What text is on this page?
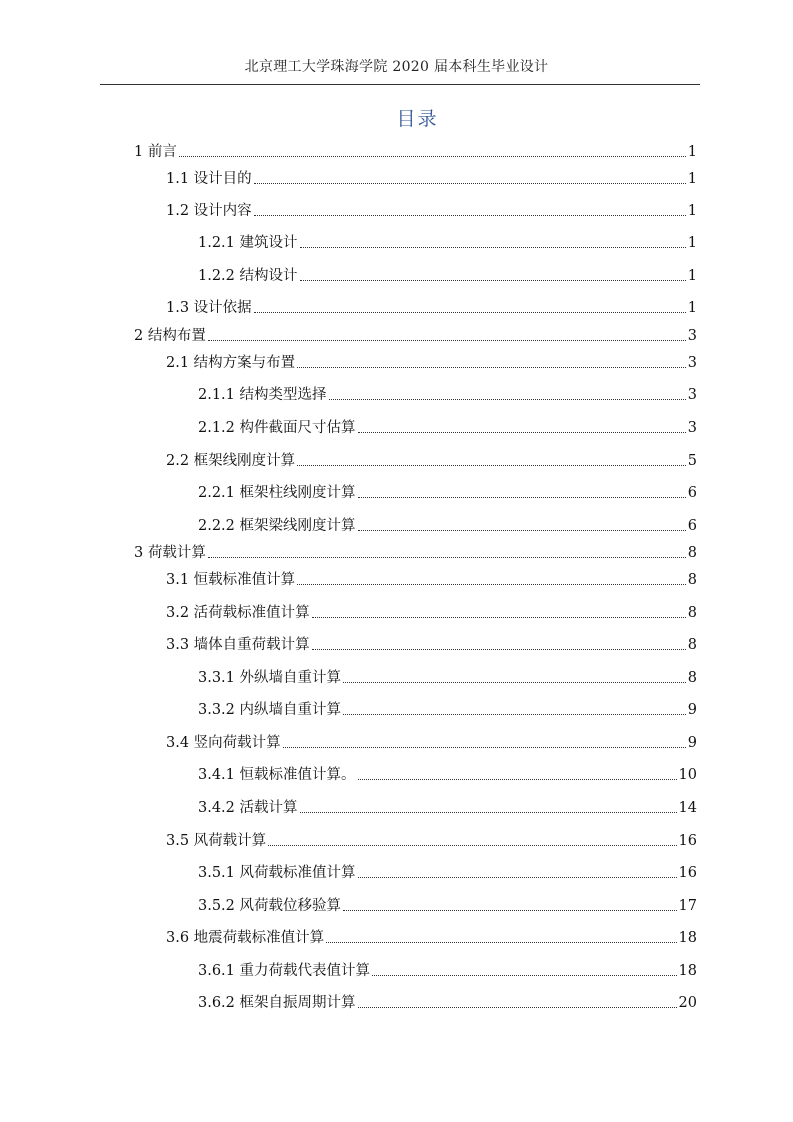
北京理工大学珠海学院 2020 届本科生毕业设计
目录
1 前言	1
1.1 设计目的	1
1.2 设计内容	1
1.2.1 建筑设计	1
1.2.2 结构设计	1
1.3 设计依据	1
2 结构布置	3
2.1 结构方案与布置	3
2.1.1 结构类型选择	3
2.1.2 构件截面尺寸估算	3
2.2 框架线刚度计算	5
2.2.1 框架柱线刚度计算	6
2.2.2 框架梁线刚度计算	6
3 荷载计算	8
3.1 恒载标准值计算	8
3.2 活荷载标准值计算	8
3.3 墙体自重荷载计算	8
3.3.1 外纵墙自重计算	8
3.3.2 内纵墙自重计算	9
3.4 竖向荷载计算	9
3.4.1 恒载标准值计算。	10
3.4.2 活载计算	14
3.5 风荷载计算	16
3.5.1 风荷载标准值计算	16
3.5.2 风荷载位移验算	17
3.6 地震荷载标准值计算	18
3.6.1 重力荷载代表值计算	18
3.6.2 框架自振周期计算	20
